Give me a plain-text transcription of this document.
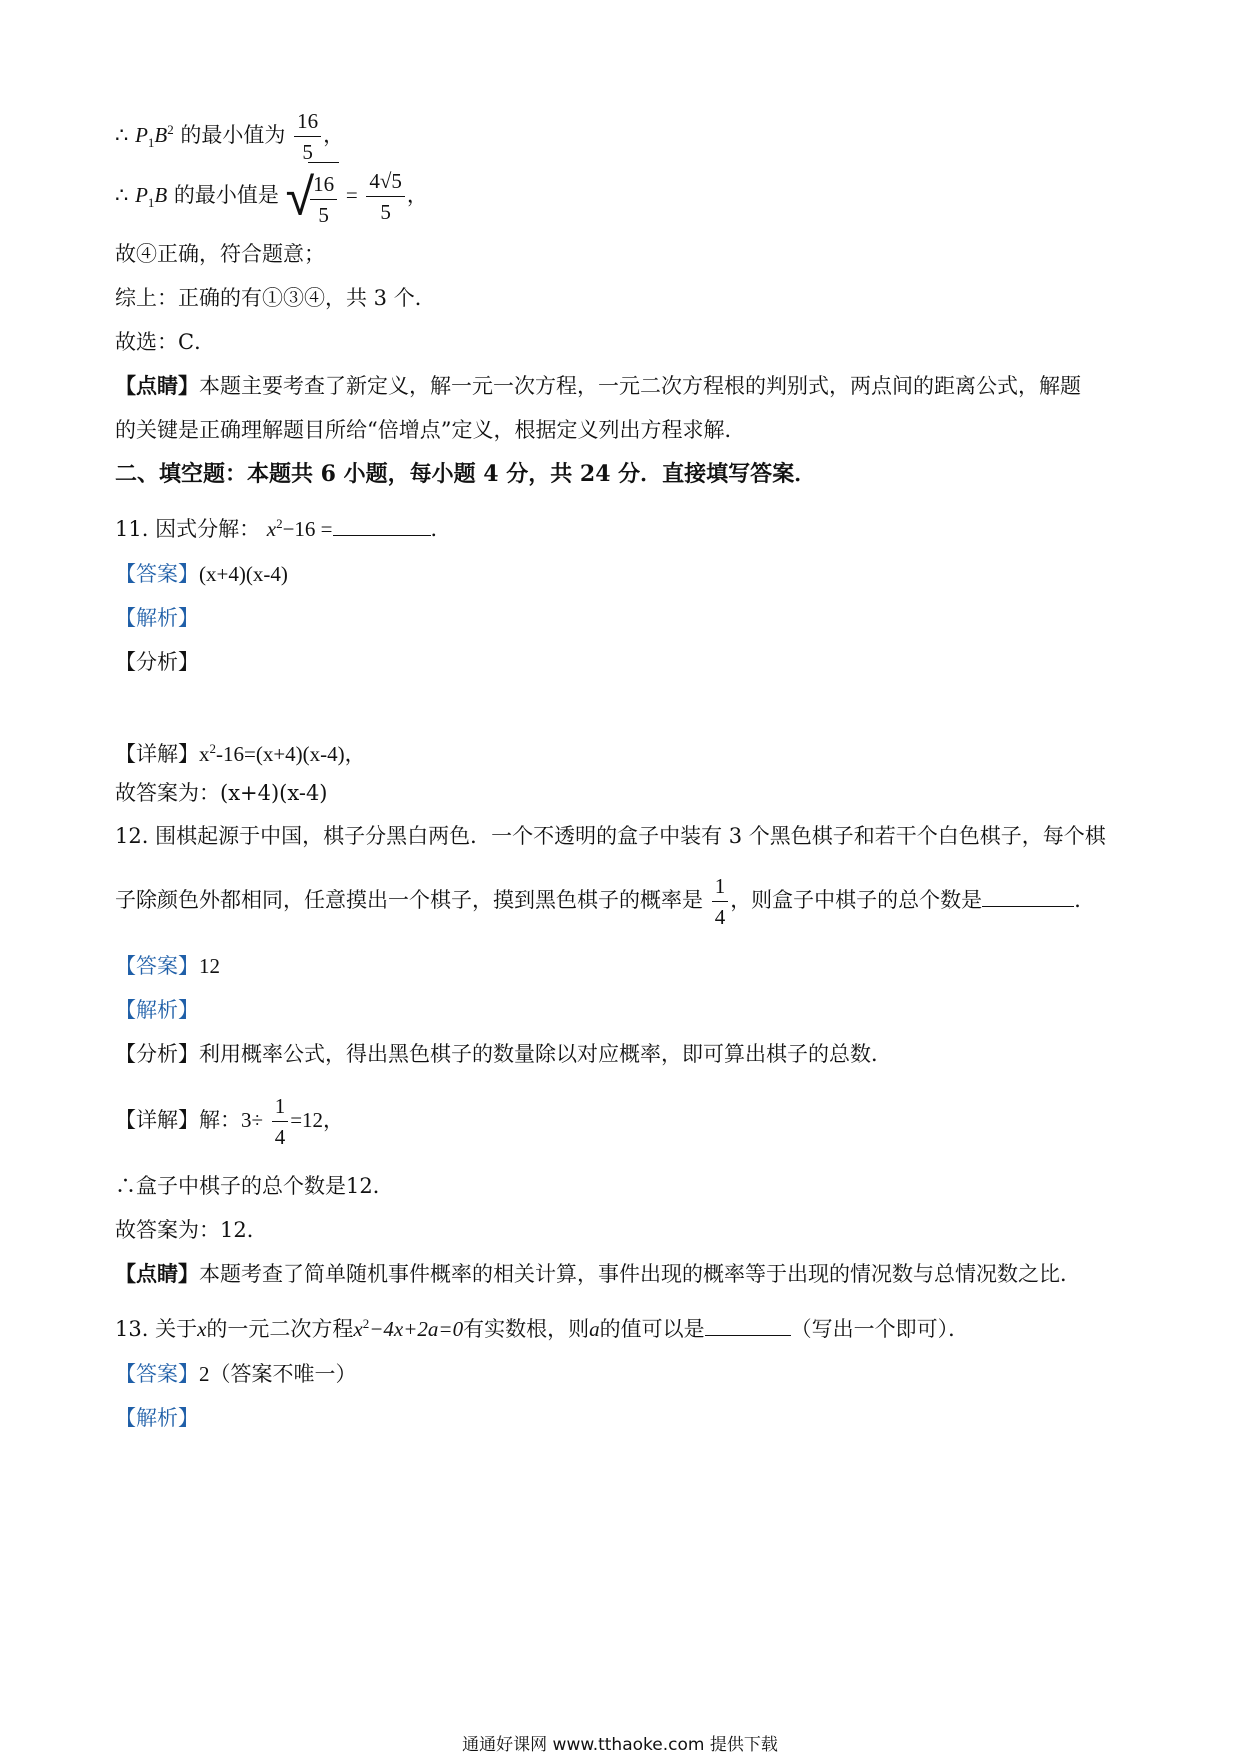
∴ $P_1B^2$ 的最小值为 $\frac{16}{5}$ ，
∴ $P_1B$ 的最小值是 √
$\frac{16}{5} = \frac{4√5}{5}$ ，
故④正确，符合题意；
综上：正确的有①③④，共 3 个．
故选：C．
【点睛】本题主要考查了新定义，解一元一次方程，一元二次方程根的判别式，两点间的距离公式，解题
的关键是正确理解题目所给“倍增点”定义，根据定义列出方程求解．
二、填空题：本题共 6 小题，每小题 4 分，共 24 分．直接填写答案．
11. 因式分解： $x^2-16$ =	．
【答案】(x+4)(x-4)
【解析】
【分析】
【详解】$x^2-16=(x+4)(x-4)$，
故答案为：(x+4)(x-4)
12. 围棋起源于中国，棋子分黑白两色．一个不透明的盒子中装有 3 个黑色棋子和若干个白色棋子，每个棋
子除颜色外都相同，任意摸出一个棋子，摸到黑色棋子的概率是 $\frac{1}{4}$ ，则盒子中棋子的总个数是	．
【答案】12
【解析】
【分析】利用概率公式，得出黑色棋子的数量除以对应概率，即可算出棋子的总数．
【详解】解：$3\div \frac{1}{4} =12$，
∴盒子中棋子的总个数是12．
故答案为：12．
【点睛】本题考查了简单随机事件概率的相关计算，事件出现的概率等于出现的情况数与总情况数之比．
13. 关于x的一元二次方程$x^2-4x+2a=0$有实数根，则a的值可以是	（写出一个即可）．
【答案】2（答案不唯一）
【解析】
通通好课网 www.tthaoke.com 提供下载
